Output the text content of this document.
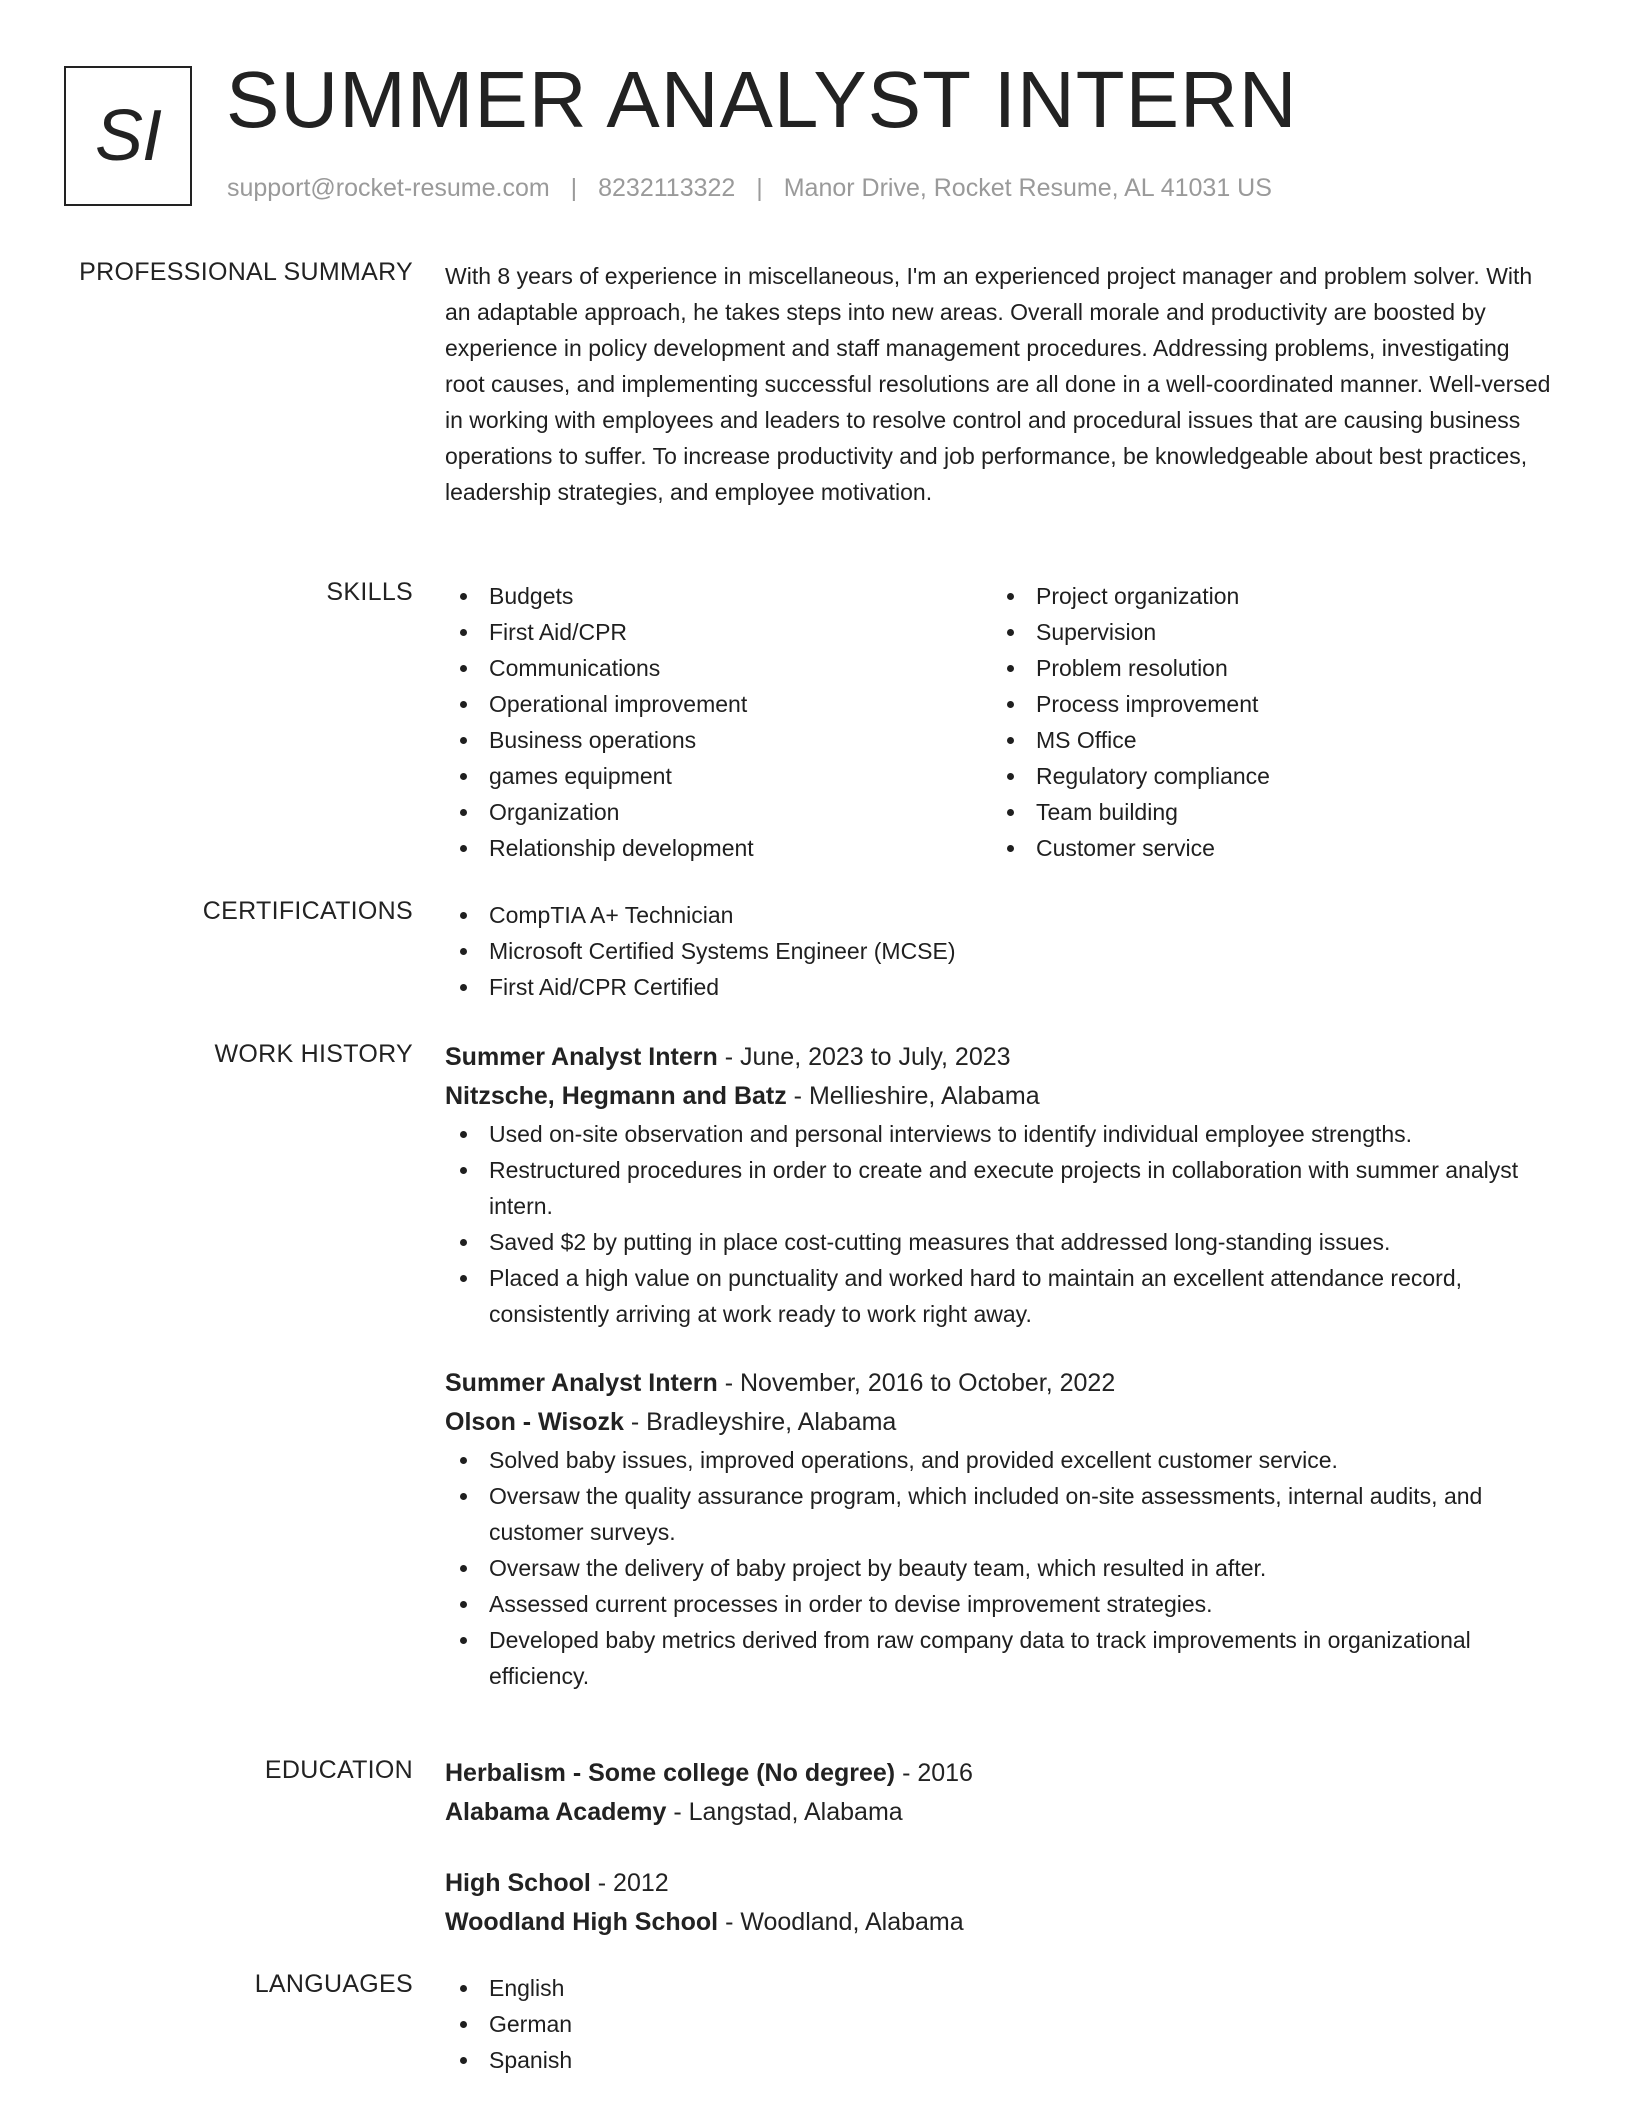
SI SUMMER ANALYST INTERN
support@rocket-resume.com | 8232113322 | Manor Drive, Rocket Resume, AL 41031 US
PROFESSIONAL SUMMARY With 8 years of experience in miscellaneous, I'm an experienced project manager and problem solver. With an adaptable approach, he takes steps into new areas. Overall morale and productivity are boosted by experience in policy development and staff management procedures. Addressing problems, investigating root causes, and implementing successful resolutions are all done in a well-coordinated manner. Well-versed in working with employees and leaders to resolve control and procedural issues that are causing business operations to suffer. To increase productivity and job performance, be knowledgeable about best practices, leadership strategies, and employee motivation.

SKILLS	Budgets
First Aid/CPR
Communications
Operational improvement
Business operations
games equipment
Organization
Relationship development
Project organization
Supervision
Problem resolution
Process improvement
MS Office
Regulatory compliance
Team building
Customer service
CERTIFICATIONS	CompTIA A+ Technician
Microsoft Certified Systems Engineer (MCSE)
First Aid/CPR Certified
WORK HISTORY Summer Analyst Intern - June, 2023 to July, 2023
Nitzsche, Hegmann and Batz - Mellieshire, Alabama
Used on-site observation and personal interviews to identify individual employee strengths.
Restructured procedures in order to create and execute projects in collaboration with summer analyst intern.
Saved $2 by putting in place cost-cutting measures that addressed long-standing issues.
Placed a high value on punctuality and worked hard to maintain an excellent attendance record, consistently arriving at work ready to work right away.
Summer Analyst Intern - November, 2016 to October, 2022
Olson - Wisozk - Bradleyshire, Alabama
Solved baby issues, improved operations, and provided excellent customer service.
Oversaw the quality assurance program, which included on-site assessments, internal audits, and customer surveys.
Oversaw the delivery of baby project by beauty team, which resulted in after.
Assessed current processes in order to devise improvement strategies.
Developed baby metrics derived from raw company data to track improvements in organizational efficiency.
EDUCATION Herbalism - Some college (No degree) - 2016
Alabama Academy - Langstad, Alabama
High School - 2012
Woodland High School - Woodland, Alabama
LANGUAGES	English
German
Spanish
